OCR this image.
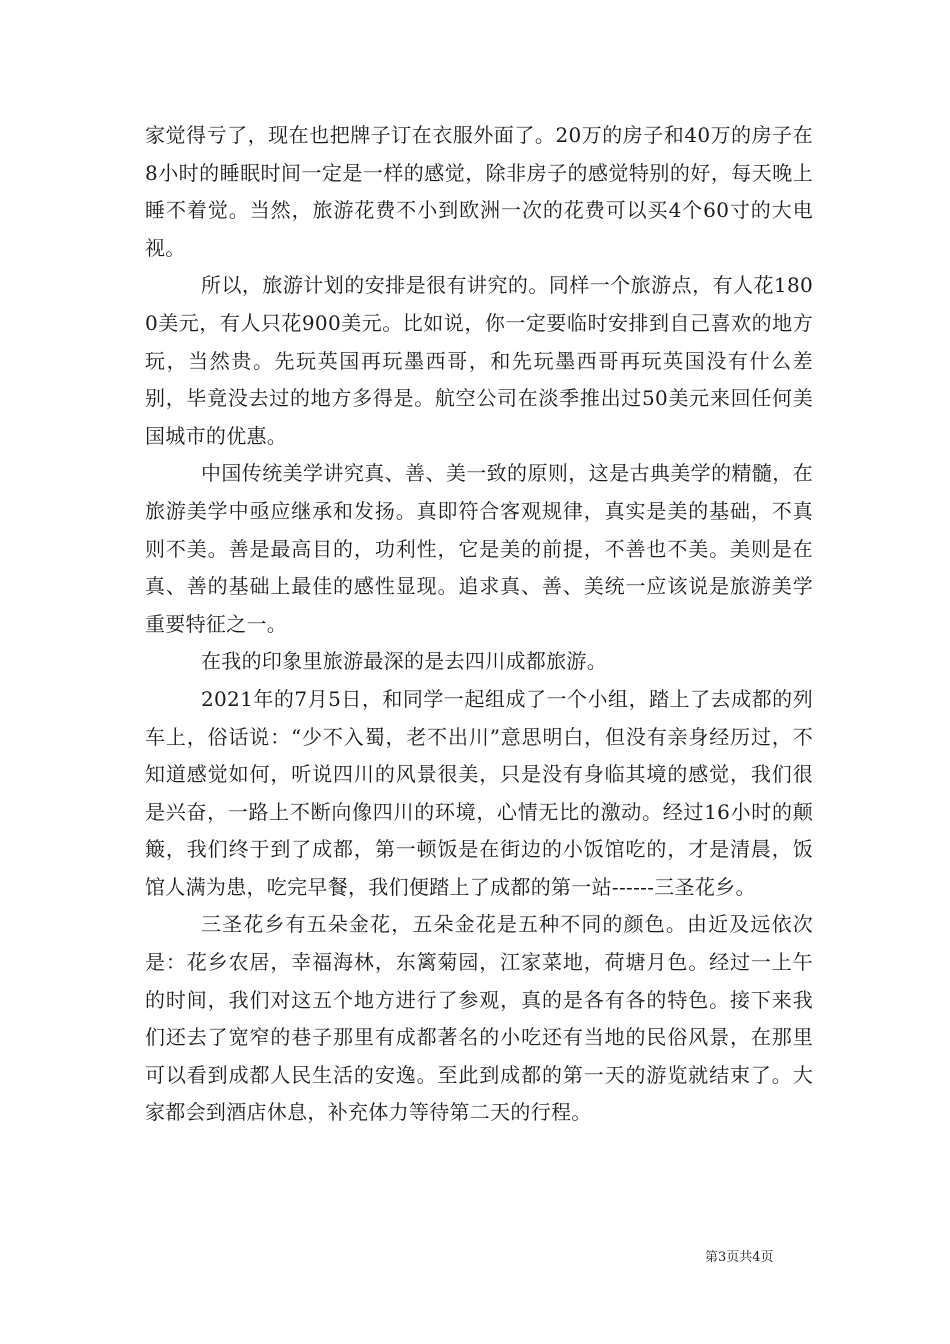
家觉得亏了，现在也把牌子订在衣服外面了。20万的房子和40万的房子在8小时的睡眠时间一定是一样的感觉，除非房子的感觉特别的好，每天晚上睡不着觉。当然，旅游花费不小到欧洲一次的花费可以买4个60寸的大电视。

所以，旅游计划的安排是很有讲究的。同样一个旅游点，有人花1800美元，有人只花900美元。比如说，你一定要临时安排到自己喜欢的地方玩，当然贵。先玩英国再玩墨西哥，和先玩墨西哥再玩英国没有什么差别，毕竟没去过的地方多得是。航空公司在淡季推出过50美元来回任何美国城市的优惠。

中国传统美学讲究真、善、美一致的原则，这是古典美学的精髓，在旅游美学中亟应继承和发扬。真即符合客观规律，真实是美的基础，不真则不美。善是最高目的，功利性，它是美的前提，不善也不美。美则是在真、善的基础上最佳的感性显现。追求真、善、美统一应该说是旅游美学重要特征之一。

在我的印象里旅游最深的是去四川成都旅游。

2021年的7月5日，和同学一起组成了一个小组，踏上了去成都的列车上，俗话说：“少不入蜀，老不出川”意思明白，但没有亲身经历过，不知道感觉如何，听说四川的风景很美，只是没有身临其境的感觉，我们很是兴奋，一路上不断向像四川的环境，心情无比的激动。经过16小时的颠簸，我们终于到了成都，第一顿饭是在街边的小饭馆吃的，才是清晨，饭馆人满为患，吃完早餐，我们便踏上了成都的第一站------三圣花乡。

三圣花乡有五朵金花，五朵金花是五种不同的颜色。由近及远依次是：花乡农居，幸福海林，东篱菊园，江家菜地，荷塘月色。经过一上午的时间，我们对这五个地方进行了参观，真的是各有各的特色。接下来我们还去了宽窄的巷子那里有成都著名的小吃还有当地的民俗风景，在那里可以看到成都人民生活的安逸。至此到成都的第一天的游览就结束了。大家都会到酒店休息，补充体力等待第二天的行程。

第3页共4页
